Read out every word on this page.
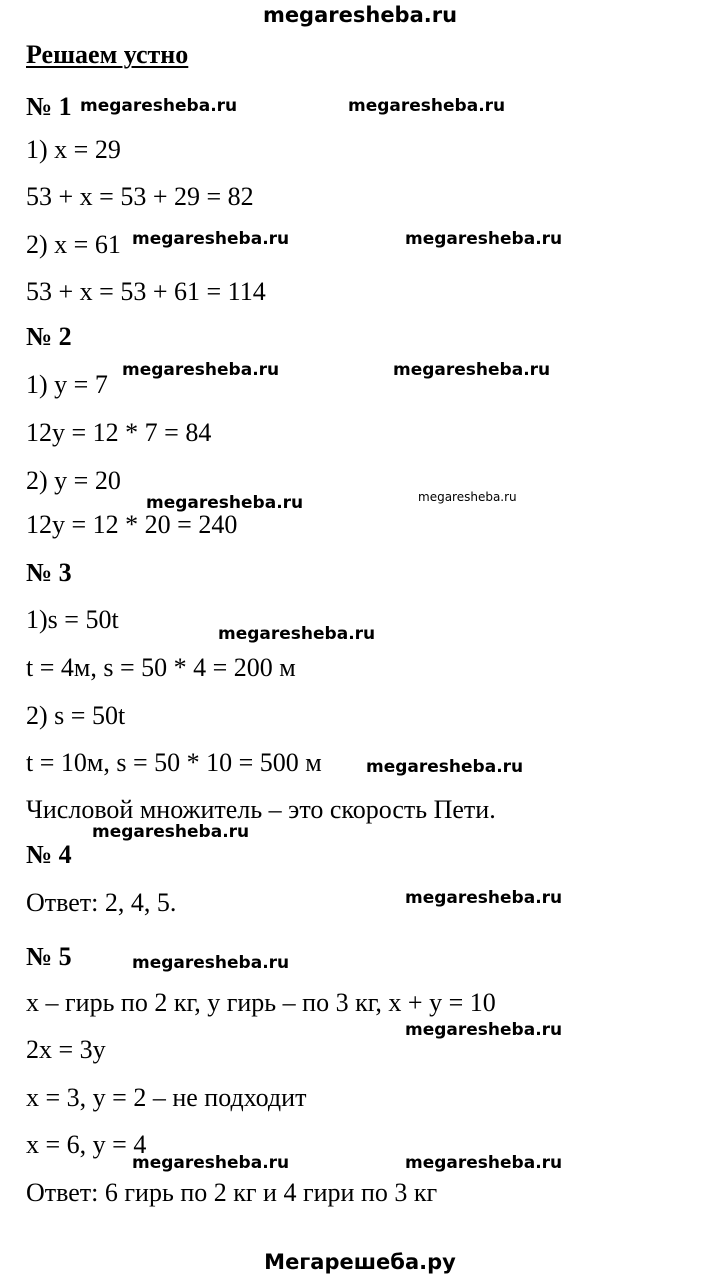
megaresheba.ru
Решаем устно
№ 1
1) x = 29
53 + x = 53 + 29 = 82
2) x = 61
53 + x = 53 + 61 = 114
№ 2
1) y = 7
12y = 12 * 7 = 84
2) y = 20
12y = 12 * 20 = 240
№ 3
1)s = 50t
t = 4м, s = 50 * 4 = 200 м
2) s = 50t
t = 10м, s = 50 * 10 = 500 м
Числовой множитель – это скорость Пети.
№ 4
Ответ: 2, 4, 5.
№ 5
x – гирь по 2 кг, y гирь – по 3 кг, x + y = 10
2x = 3y
x = 3, y = 2 – не подходит
x = 6, y = 4
Ответ: 6 гирь по 2 кг и 4 гири по 3 кг
megaresheba.ru	megaresheba.ru
megaresheba.ru	megaresheba.ru
megaresheba.ru	megaresheba.ru
megaresheba.ru	megaresheba.ru
megaresheba.ru
megaresheba.ru
megaresheba.ru
megaresheba.ru
megaresheba.ru
megaresheba.ru
megaresheba.ru	megaresheba.ru
Мегарешеба.ру
